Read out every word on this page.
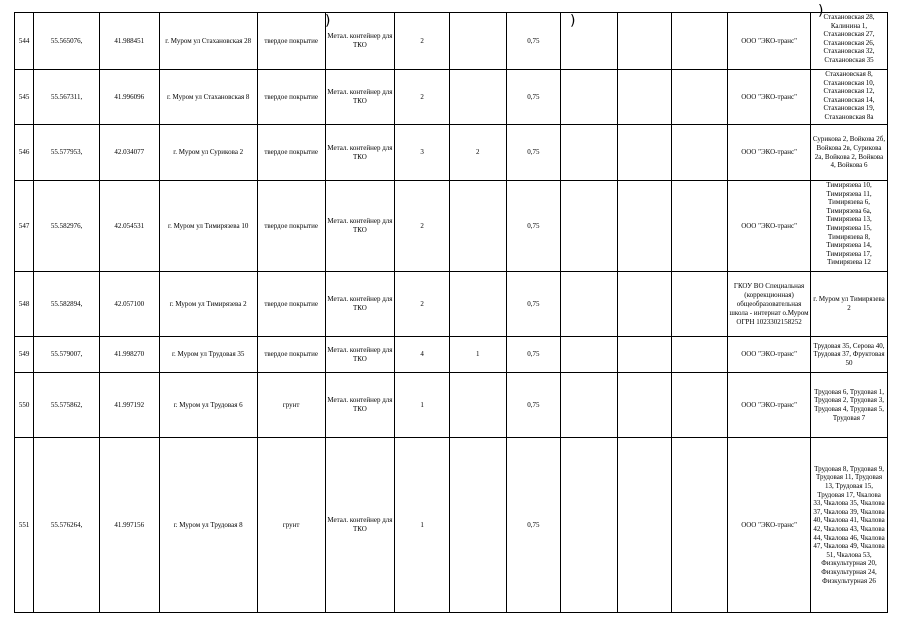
544	55.565076,	41.988451	г. Муром ул Стахановская 28	твердое покрытие	Метал. контейнер для ТКО	2		0,75				ООО "ЭКО-транс"	Стахановская 28, Калинина 1, Стахановская 27, Стахановская 26, Стахановская 32, Стахановская 35
545	55.567311,	41.996096	г. Муром ул Стахановская 8	твердое покрытие	Метал. контейнер для ТКО	2		0,75				ООО "ЭКО-транс"	Стахановская 8, Стахановская 10, Стахановская 12, Стахановская 14, Стахановская 19, Стахановская 8а
546	55.577953,	42.034077	г. Муром ул Сурикова 2	твердое покрытие	Метал. контейнер для ТКО	3	2	0,75				ООО "ЭКО-транс"	Сурикова 2, Войкова 2б, Войкова 2в, Сурикова 2а, Войкова 2, Войкова 4, Войкова 6
547	55.582976,	42.054531	г. Муром ул Тимирязева 10	твердое покрытие	Метал. контейнер для ТКО	2		0,75				ООО "ЭКО-транс"	Тимирязева 10, Тимирязева 11, Тимирязева 6, Тимирязева 6а, Тимирязева 13, Тимирязева 15, Тимирязева 8, Тимирязева 14, Тимирязева 17, Тимирязева 12
548	55.582894,	42.057100	г. Муром ул Тимирязева 2	твердое покрытие	Метал. контейнер для ТКО	2		0,75				ГКОУ ВО Специальная (коррекционная) общеобразовательная школа - интернат о.Муром ОГРН 1023302158252	г. Муром ул Тимирязева 2
549	55.579007,	41.998270	г. Муром ул Трудовая 35	твердое покрытие	Метал. контейнер для ТКО	4	1	0,75				ООО "ЭКО-транс"	Трудовая 35, Серова 40, Трудовая 37, Фруктовая 50
550	55.575862,	41.997192	г. Муром ул Трудовая 6	грунт	Метал. контейнер для ТКО	1		0,75				ООО "ЭКО-транс"	Трудовая 6, Трудовая 1, Трудовая 2, Трудовая 3, Трудовая 4, Трудовая 5, Трудовая 7
551	55.576264,	41.997156	г. Муром ул Трудовая 8	грунт	Метал. контейнер для ТКО	1		0,75				ООО "ЭКО-транс"	Трудовая 8, Трудовая 9, Трудовая 11, Трудовая 13, Трудовая 15, Трудовая 17, Чкалова 33, Чкалова 35, Чкалова 37, Чкалова 39, Чкалова 40, Чкалова 41, Чкалова 42, Чкалова 43, Чкалова 44, Чкалова 46, Чкалова 47, Чкалова 49, Чкалова 51, Чкалова 53, Физкультурная 20, Физкультурная 24, Физкультурная 26
)	)
)
